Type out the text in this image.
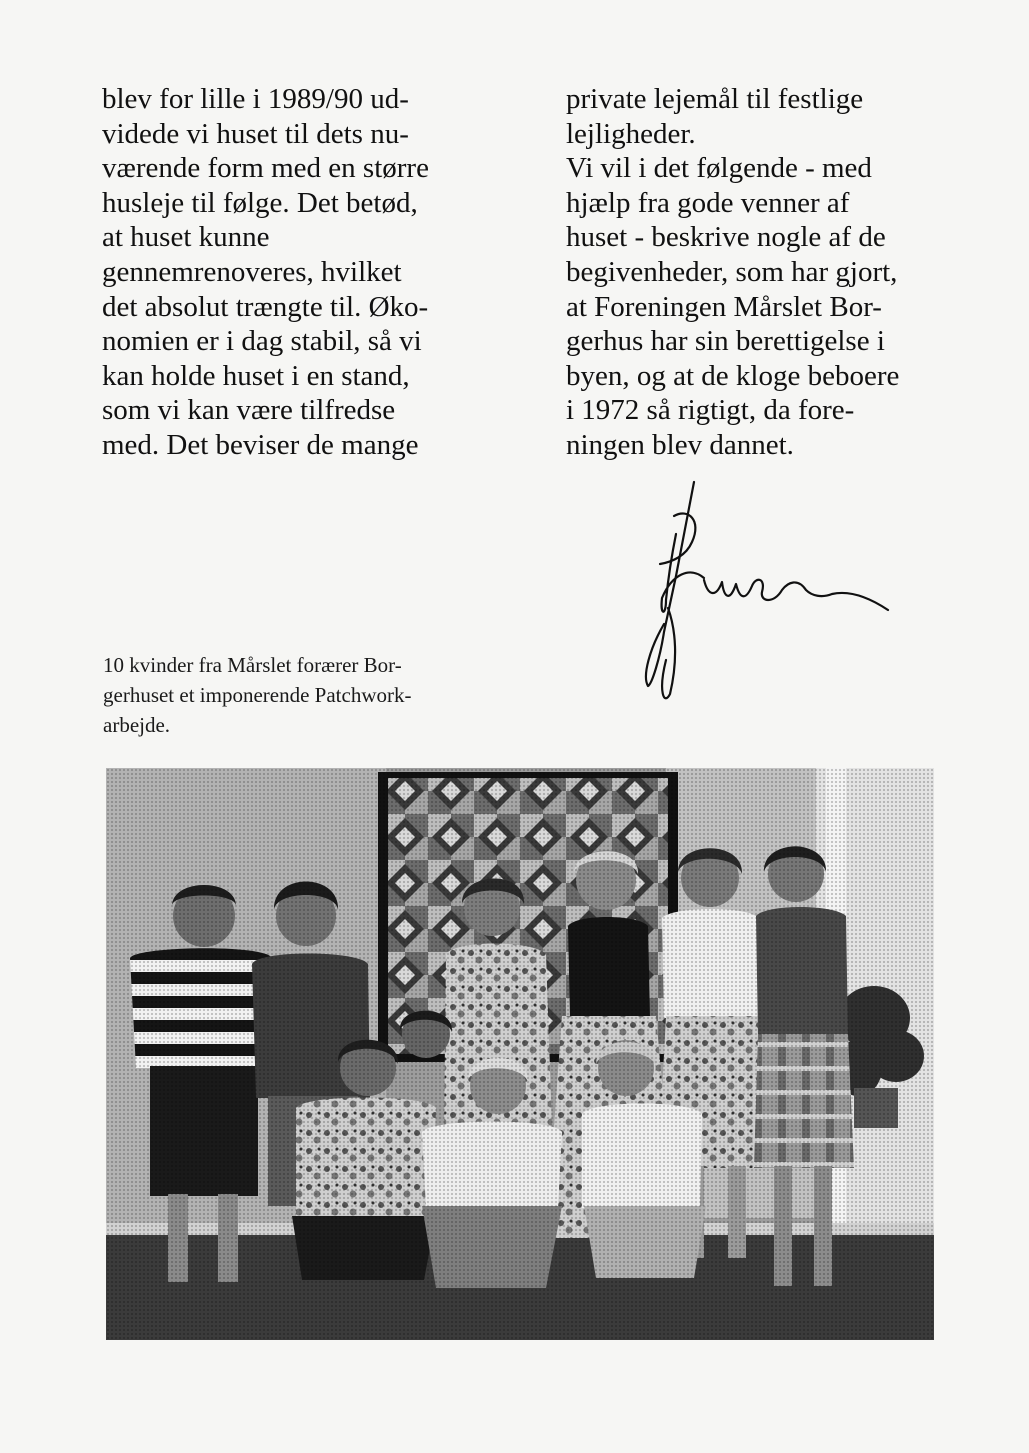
blev for lille i 1989/90 ud-
videde vi huset til dets nu-
værende form med en større
husleje til følge. Det betød,
at huset kunne
gennemrenoveres, hvilket
det absolut trængte til. Øko-
nomien er i dag stabil, så vi
kan holde huset i en stand,
som vi kan være tilfredse
med. Det beviser de mange
private lejemål til festlige
lejligheder.
Vi vil i det følgende - med
hjælp fra gode venner af
huset - beskrive nogle af de
begivenheder, som har gjort,
at Foreningen Mårslet Bor-
gerhus har sin berettigelse i
byen, og at de kloge beboere
i 1972 så rigtigt, da fore-
ningen blev dannet.
10 kvinder fra Mårslet forærer Bor-
gerhuset et imponerende Patchwork-
arbejde.
